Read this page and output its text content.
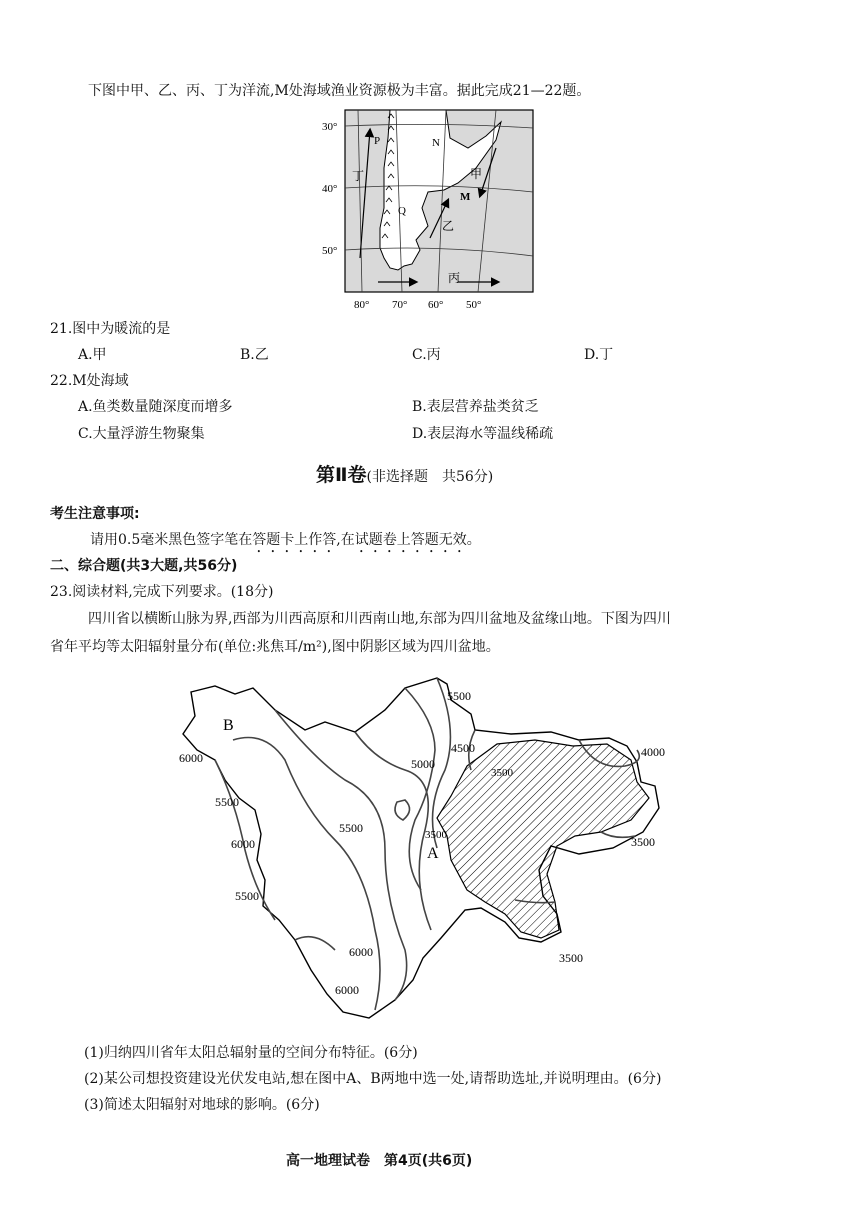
下图中甲、乙、丙、丁为洋流,M处海域渔业资源极为丰富。据此完成21—22题。
30°
40°
50°
80° 70° 60° 50°
P	N
Q
M
丁	甲
乙
丙
21.图中为暖流的是
A.甲	B.乙	C.丙	D.丁
22.M处海域
A.鱼类数量随深度而增多	B.表层营养盐类贫乏
C.大量浮游生物聚集	D.表层海水等温线稀疏
第Ⅱ卷(非选择题　共56分)
考生注意事项:
请用0.5毫米黑色签字笔在答题卡上作答,在试题卷上答题无效。
二、综合题(共3大题,共56分)
23.阅读材料,完成下列要求。(18分)
四川省以横断山脉为界,西部为川西高原和川西南山地,东部为四川盆地及盆缘山地。下图为四川
省年平均等太阳辐射量分布(单位:兆焦耳/m²),图中阴影区域为四川盆地。
B
A
5500
6000
5500
6000
5500
5500
4500
5000
4000
3500
3500	3500
3500
6000
6000
(1)归纳四川省年太阳总辐射量的空间分布特征。(6分)
(2)某公司想投资建设光伏发电站,想在图中A、B两地中选一处,请帮助选址,并说明理由。(6分)
(3)简述太阳辐射对地球的影响。(6分)
高一地理试卷　第4页(共6页)
